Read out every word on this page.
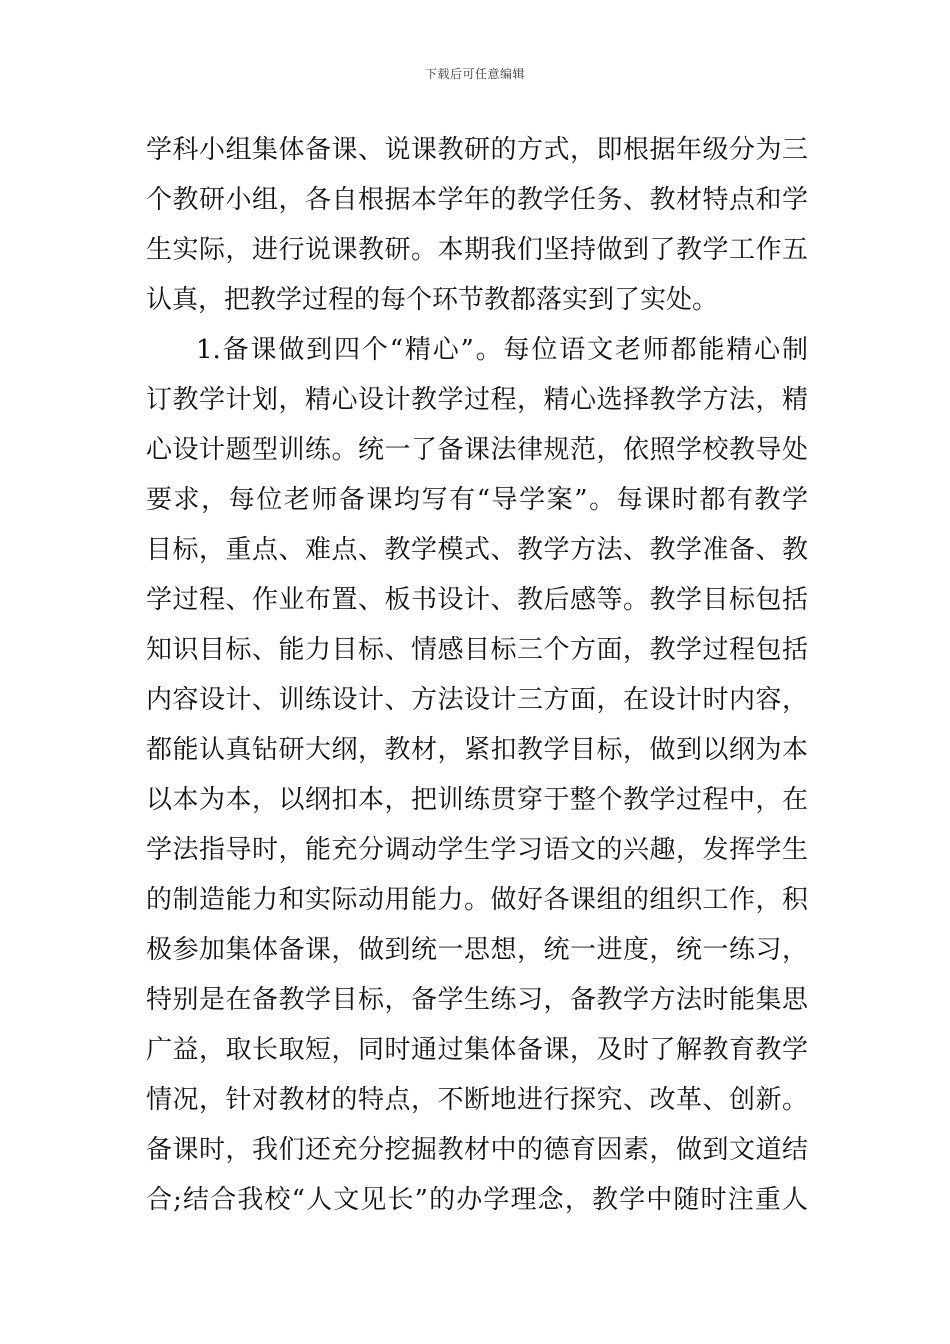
下载后可任意编辑
学科小组集体备课、说课教研的方式，即根据年级分为三
个教研小组，各自根据本学年的教学任务、教材特点和学
生实际，进行说课教研。本期我们坚持做到了教学工作五
认真，把教学过程的每个环节教都落实到了实处。
1.备课做到四个“精心”。每位语文老师都能精心制
订教学计划，精心设计教学过程，精心选择教学方法，精
心设计题型训练。统一了备课法律规范，依照学校教导处
要求，每位老师备课均写有“导学案”。每课时都有教学
目标，重点、难点、教学模式、教学方法、教学准备、教
学过程、作业布置、板书设计、教后感等。教学目标包括
知识目标、能力目标、情感目标三个方面，教学过程包括
内容设计、训练设计、方法设计三方面，在设计时内容，
都能认真钻研大纲，教材，紧扣教学目标，做到以纲为本
以本为本，以纲扣本，把训练贯穿于整个教学过程中，在
学法指导时，能充分调动学生学习语文的兴趣，发挥学生
的制造能力和实际动用能力。做好各课组的组织工作，积
极参加集体备课，做到统一思想，统一进度，统一练习，
特别是在备教学目标，备学生练习，备教学方法时能集思
广益，取长取短，同时通过集体备课，及时了解教育教学
情况，针对教材的特点，不断地进行探究、改革、创新。
备课时，我们还充分挖掘教材中的德育因素，做到文道结
合;结合我校“人文见长”的办学理念，教学中随时注重人
